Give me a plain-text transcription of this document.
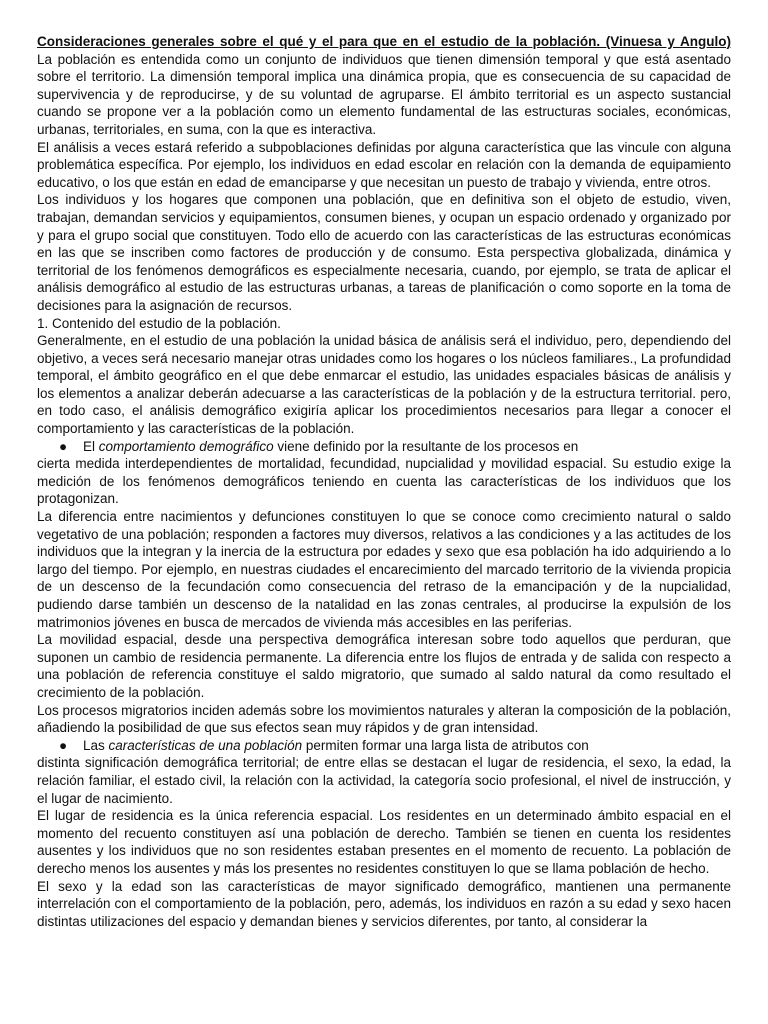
Consideraciones generales sobre el qué y el para que en el estudio de la población. (Vinuesa y Angulo)

La población es entendida como un conjunto de individuos que tienen dimensión temporal y que está asentado sobre el territorio. La dimensión temporal implica una dinámica propia, que es consecuencia de su capacidad de supervivencia y de reproducirse, y de su voluntad de agruparse. El ámbito territorial es un aspecto sustancial cuando se propone ver a la población como un elemento fundamental de las estructuras sociales, económicas, urbanas, territoriales, en suma, con la que es interactiva.

El análisis a veces estará referido a subpoblaciones definidas por alguna característica que las vincule con alguna problemática específica. Por ejemplo, los individuos en edad escolar en relación con la demanda de equipamiento educativo, o los que están en edad de emanciparse y que necesitan un puesto de trabajo y vivienda, entre otros.

Los individuos y los hogares que componen una población, que en definitiva son el objeto de estudio, viven, trabajan, demandan servicios y equipamientos, consumen bienes, y ocupan un espacio ordenado y organizado por y para el grupo social que constituyen. Todo ello de acuerdo con las características de las estructuras económicas en las que se inscriben como factores de producción y de consumo. Esta perspectiva globalizada, dinámica y territorial de los fenómenos demográficos es especialmente necesaria, cuando, por ejemplo, se trata de aplicar el análisis demográfico al estudio de las estructuras urbanas, a tareas de planificación o como soporte en la toma de decisiones para la asignación de recursos.

1. Contenido del estudio de la población.

Generalmente, en el estudio de una población la unidad básica de análisis será el individuo, pero, dependiendo del objetivo, a veces será necesario manejar otras unidades como los hogares o los núcleos familiares., La profundidad temporal, el ámbito geográfico en el que debe enmarcar el estudio, las unidades espaciales básicas de análisis y los elementos a analizar deberán adecuarse a las características de la población y de la estructura territorial. pero, en todo caso, el análisis demográfico exigiría aplicar los procedimientos necesarios para llegar a conocer el comportamiento y las características de la población.

● El comportamiento demográfico viene definido por la resultante de los procesos en

cierta medida interdependientes de mortalidad, fecundidad, nupcialidad y movilidad espacial. Su estudio exige la medición de los fenómenos demográficos teniendo en cuenta las características de los individuos que los protagonizan.

La diferencia entre nacimientos y defunciones constituyen lo que se conoce como crecimiento natural o saldo vegetativo de una población; responden a factores muy diversos, relativos a las condiciones y a las actitudes de los individuos que la integran y la inercia de la estructura por edades y sexo que esa población ha ido adquiriendo a lo largo del tiempo. Por ejemplo, en nuestras ciudades el encarecimiento del marcado territorio de la vivienda propicia de un descenso de la fecundación como consecuencia del retraso de la emancipación y de la nupcialidad, pudiendo darse también un descenso de la natalidad en las zonas centrales, al producirse la expulsión de los matrimonios jóvenes en busca de mercados de vivienda más accesibles en las periferias.

La movilidad espacial, desde una perspectiva demográfica interesan sobre todo aquellos que perduran, que suponen un cambio de residencia permanente. La diferencia entre los flujos de entrada y de salida con respecto a una población de referencia constituye el saldo migratorio, que sumado al saldo natural da como resultado el crecimiento de la población.

Los procesos migratorios inciden además sobre los movimientos naturales y alteran la composición de la población, añadiendo la posibilidad de que sus efectos sean muy rápidos y de gran intensidad.

● Las características de una población permiten formar una larga lista de atributos con

distinta significación demográfica territorial; de entre ellas se destacan el lugar de residencia, el sexo, la edad, la relación familiar, el estado civil, la relación con la actividad, la categoría socio profesional, el nivel de instrucción, y el lugar de nacimiento.

El lugar de residencia es la única referencia espacial. Los residentes en un determinado ámbito espacial en el momento del recuento constituyen así una población de derecho. También se tienen en cuenta los residentes ausentes y los individuos que no son residentes estaban presentes en el momento de recuento. La población de derecho menos los ausentes y más los presentes no residentes constituyen lo que se llama población de hecho.

El sexo y la edad son las características de mayor significado demográfico, mantienen una permanente interrelación con el comportamiento de la población, pero, además, los individuos en razón a su edad y sexo hacen distintas utilizaciones del espacio y demandan bienes y servicios diferentes, por tanto, al considerar la
